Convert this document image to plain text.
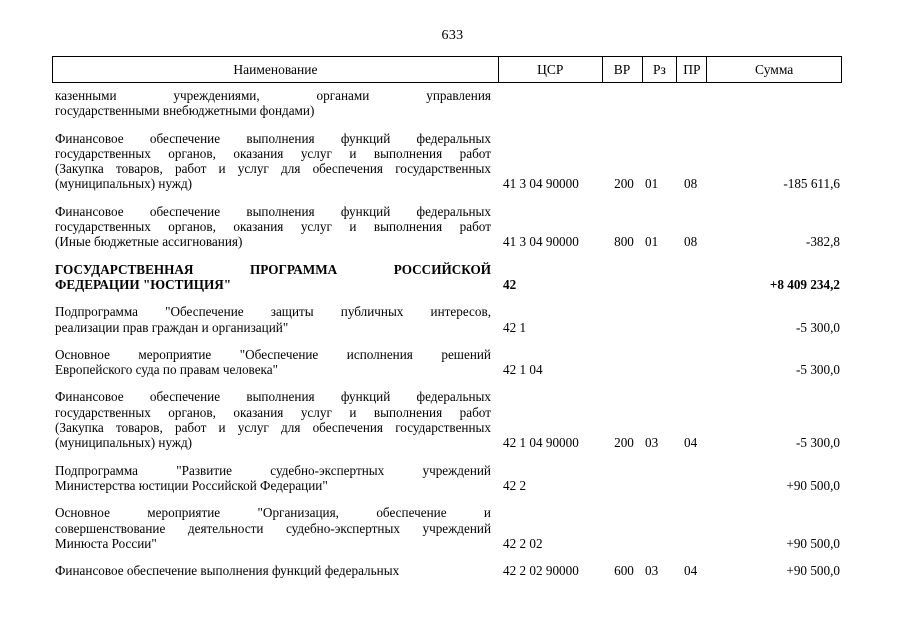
633
Наименование	ЦСР	ВР	Рз	ПР	Сумма
казенными учреждениями, органами управления
государственными внебюджетными фондами)
Финансовое обеспечение выполнения функций федеральных
государственных органов, оказания услуг и выполнения работ
(Закупка товаров, работ и услуг для обеспечения государственных
(муниципальных) нужд)	41 3 04 90000	200 01	08	-185 611,6
Финансовое обеспечение выполнения функций федеральных
государственных органов, оказания услуг и выполнения работ
(Иные бюджетные ассигнования)	41 3 04 90000	800 01	08	-382,8
ГОСУДАРСТВЕННАЯ ПРОГРАММА РОССИЙСКОЙ
ФЕДЕРАЦИИ "ЮСТИЦИЯ"	42	+8 409 234,2
Подпрограмма "Обеспечение защиты публичных интересов,
реализации прав граждан и организаций"	42 1	-5 300,0
Основное мероприятие "Обеспечение исполнения решений
Европейского суда по правам человека"	42 1 04	-5 300,0
Финансовое обеспечение выполнения функций федеральных
государственных органов, оказания услуг и выполнения работ
(Закупка товаров, работ и услуг для обеспечения государственных
(муниципальных) нужд)	42 1 04 90000	200 03	04	-5 300,0
Подпрограмма "Развитие судебно-экспертных учреждений
Министерства юстиции Российской Федерации"	42 2	+90 500,0
Основное мероприятие "Организация, обеспечение и
совершенствование деятельности судебно-экспертных учреждений
Минюста России"	42 2 02	+90 500,0
Финансовое обеспечение выполнения функций федеральных	42 2 02 90000	600 03	04	+90 500,0
